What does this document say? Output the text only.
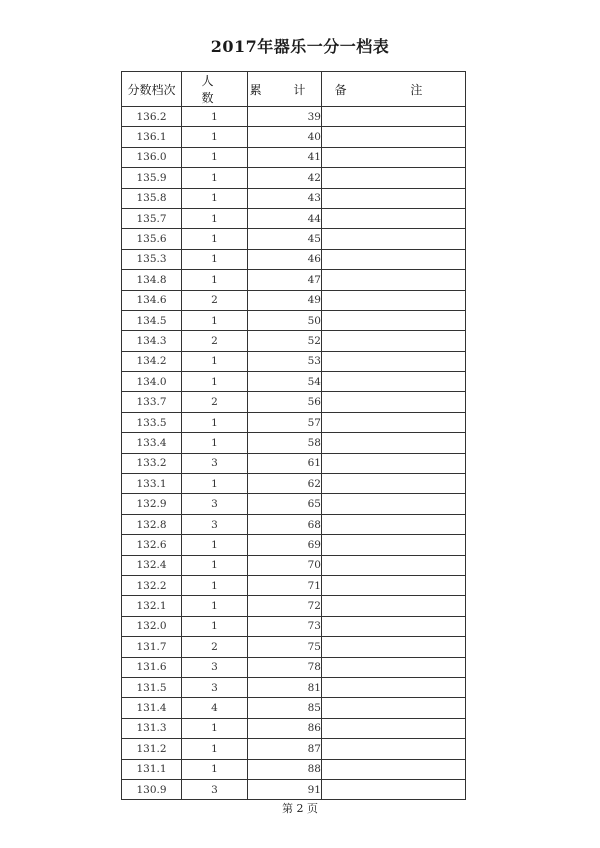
2017年器乐一分一档表
分数档次	人 数	累 计	备 注
136.2	1	39	
136.1	1	40	
136.0	1	41	
135.9	1	42	
135.8	1	43	
135.7	1	44	
135.6	1	45	
135.3	1	46	
134.8	1	47	
134.6	2	49	
134.5	1	50	
134.3	2	52	
134.2	1	53	
134.0	1	54	
133.7	2	56	
133.5	1	57	
133.4	1	58	
133.2	3	61	
133.1	1	62	
132.9	3	65	
132.8	3	68	
132.6	1	69	
132.4	1	70	
132.2	1	71	
132.1	1	72	
132.0	1	73	
131.7	2	75	
131.6	3	78	
131.5	3	81	
131.4	4	85	
131.3	1	86	
131.2	1	87	
131.1	1	88	
130.9	3	91	
第 2 页
